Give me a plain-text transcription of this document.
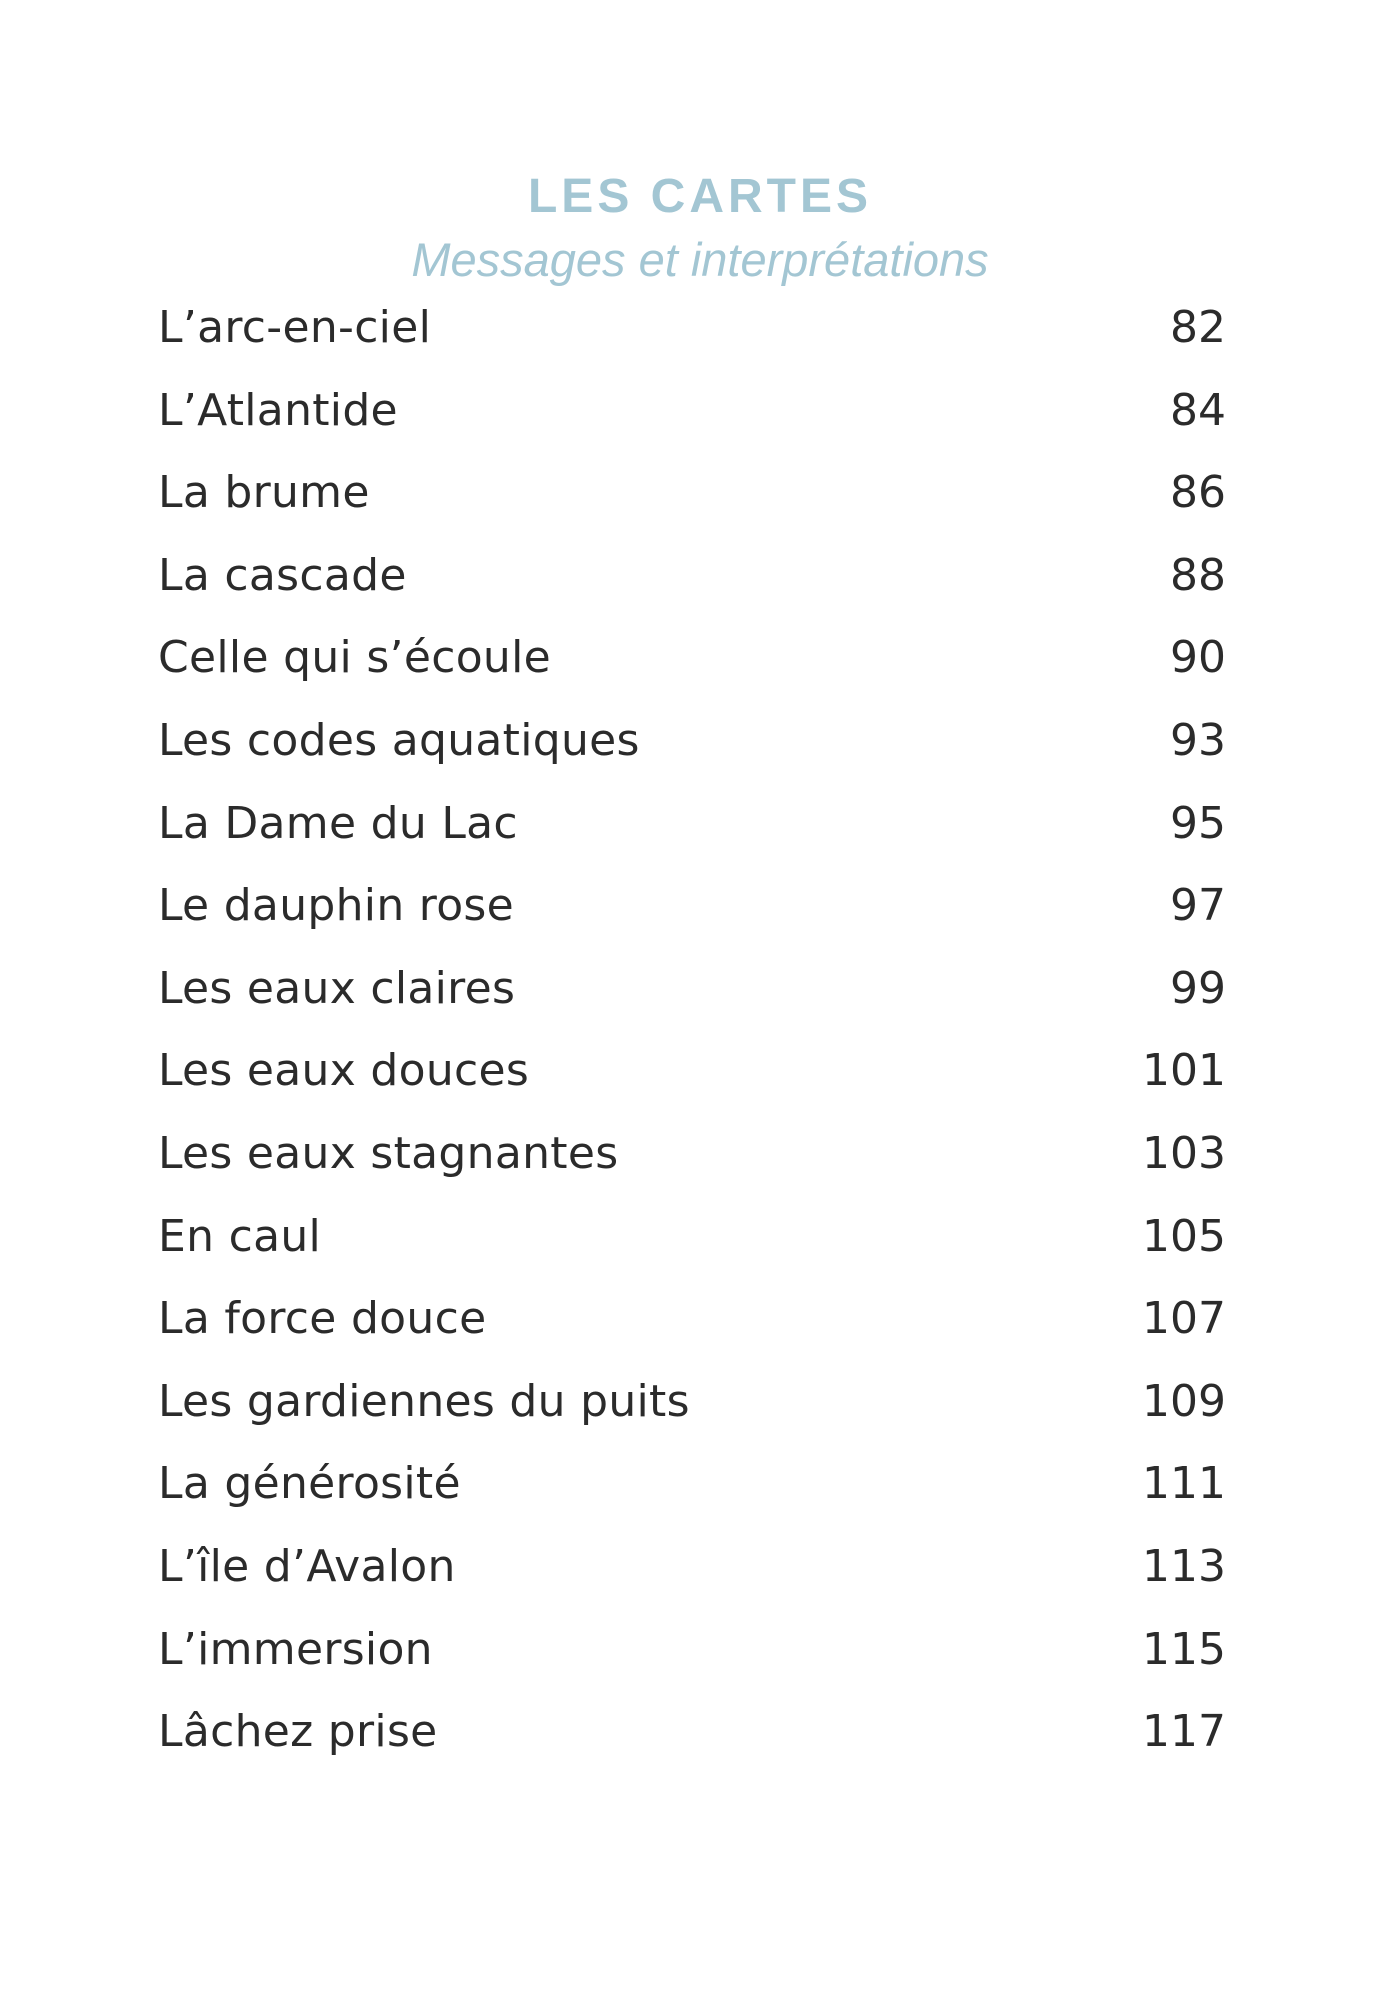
LES CARTES

Messages et interprétations

L’arc-en-ciel	82
L’Atlantide	84
La brume	86
La cascade	88
Celle qui s’écoule	90
Les codes aquatiques	93
La Dame du Lac	95
Le dauphin rose	97
Les eaux claires	99
Les eaux douces	101
Les eaux stagnantes	103
En caul	105
La force douce	107
Les gardiennes du puits	109
La générosité	111
L’île d’Avalon	113
L’immersion	115
Lâchez prise	117
